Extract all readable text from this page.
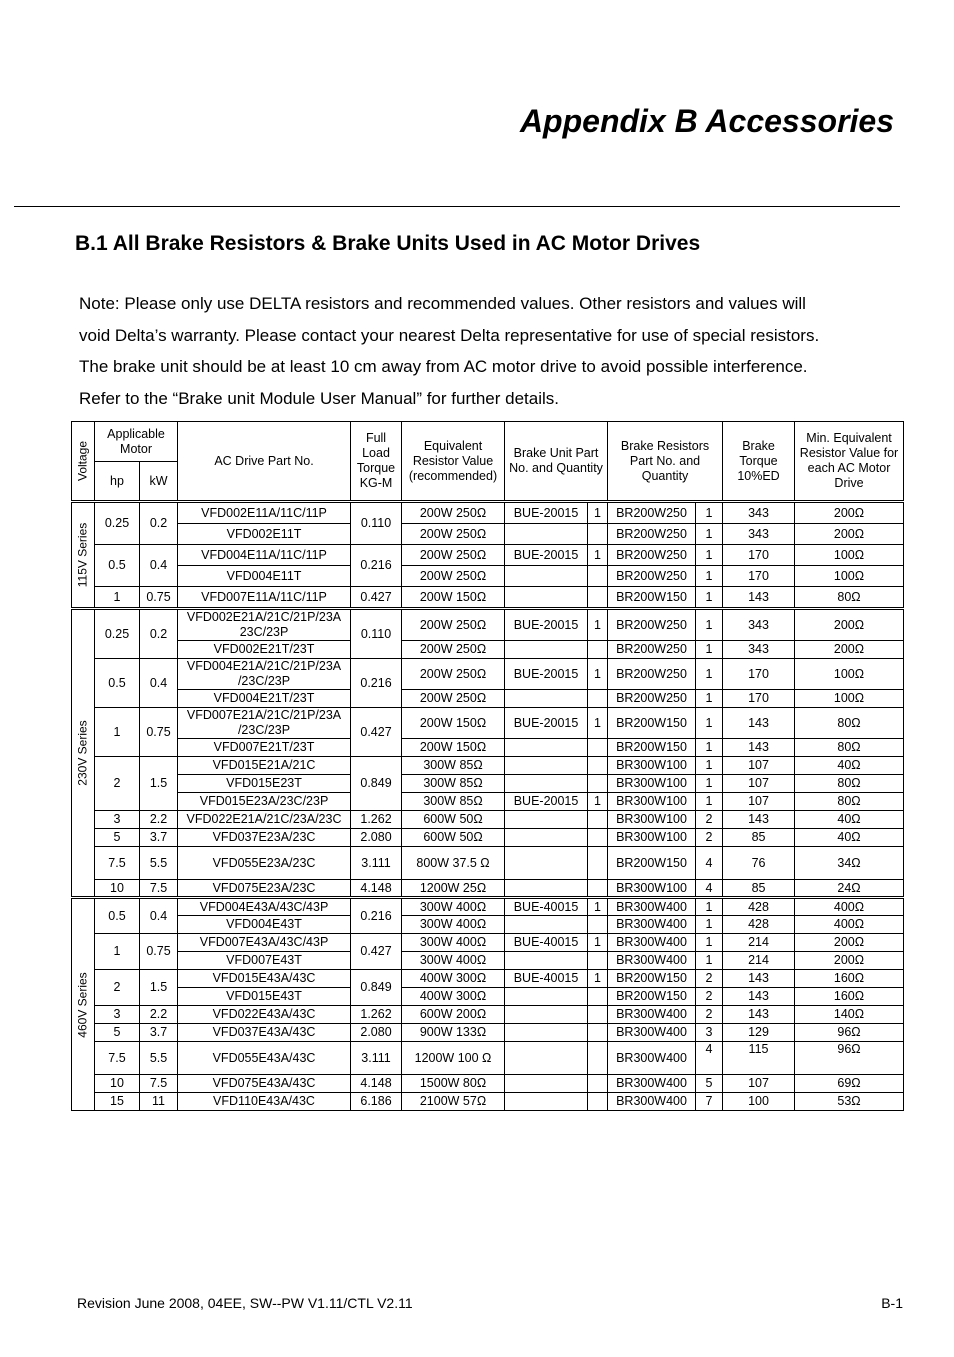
Appendix B Accessories
B.1 All Brake Resistors & Brake Units Used in AC Motor Drives

Note: Please only use DELTA resistors and recommended values. Other resistors and values will

void Delta’s warranty. Please contact your nearest Delta representative for use of special resistors.

The brake unit should be at least 10 cm away from AC motor drive to avoid possible interference.

Refer to the “Brake unit Module User Manual” for further details.

Voltage	Applicable Motor		AC Drive Part No.	Full Load Torque KG-M	Equivalent Resistor Value (recommended)	Brake Unit Part No. and Quantity		Brake Resistors Part No. and Quantity		Brake Torque 10%ED	Min. Equivalent Resistor Value for each AC Motor Drive
	hp	kW									

115V Series	0.25	0.2	VFD002E11A/11C/11P	0.110	200W 250Ω	BUE-20015	1	BR200W250	1	343	200Ω
			VFD002E11T		200W 250Ω			BR200W250	1	343	200Ω
	0.5	0.4	VFD004E11A/11C/11P	0.216	200W 250Ω	BUE-20015	1	BR200W250	1	170	100Ω
			VFD004E11T		200W 250Ω			BR200W250	1	170	100Ω
	1	0.75	VFD007E11A/11C/11P	0.427	200W 150Ω			BR200W150	1	143	80Ω

230V Series	0.25	0.2	VFD002E21A/21C/21P/23A 23C/23P	0.110	200W 250Ω	BUE-20015	1	BR200W250	1	343	200Ω
			VFD002E21T/23T		200W 250Ω			BR200W250	1	343	200Ω
	0.5	0.4	VFD004E21A/21C/21P/23A /23C/23P	0.216	200W 250Ω	BUE-20015	1	BR200W250	1	170	100Ω
			VFD004E21T/23T		200W 250Ω			BR200W250	1	170	100Ω
	1	0.75	VFD007E21A/21C/21P/23A /23C/23P	0.427	200W 150Ω	BUE-20015	1	BR200W150	1	143	80Ω
			VFD007E21T/23T		200W 150Ω			BR200W150	1	143	80Ω
	2	1.5	VFD015E21A/21C	0.849	300W 85Ω			BR300W100	1	107	40Ω
			VFD015E23T		300W 85Ω			BR300W100	1	107	80Ω
			VFD015E23A/23C/23P		300W 85Ω	BUE-20015	1	BR300W100	1	107	80Ω
	3	2.2	VFD022E21A/21C/23A/23C	1.262	600W 50Ω			BR300W100	2	143	40Ω
	5	3.7	VFD037E23A/23C	2.080	600W 50Ω			BR300W100	2	85	40Ω
	7.5	5.5	VFD055E23A/23C	3.111	800W 37.5 Ω			BR200W150	4	76	34Ω
	10	7.5	VFD075E23A/23C	4.148	1200W 25Ω			BR300W100	4	85	24Ω

460V Series	0.5	0.4	VFD004E43A/43C/43P	0.216	300W 400Ω	BUE-40015	1	BR300W400	1	428	400Ω
			VFD004E43T		300W 400Ω			BR300W400	1	428	400Ω
	1	0.75	VFD007E43A/43C/43P	0.427	300W 400Ω	BUE-40015	1	BR300W400	1	214	200Ω
			VFD007E43T		300W 400Ω			BR300W400	1	214	200Ω
	2	1.5	VFD015E43A/43C	0.849	400W 300Ω	BUE-40015	1	BR200W150	2	143	160Ω
			VFD015E43T		400W 300Ω			BR200W150	2	143	160Ω
	3	2.2	VFD022E43A/43C	1.262	600W 200Ω			BR300W400	2	143	140Ω
	5	3.7	VFD037E43A/43C	2.080	900W 133Ω			BR300W400	3	129	96Ω
	7.5	5.5	VFD055E43A/43C	3.111	1200W 100 Ω			BR300W400	4	115	96Ω
	10	7.5	VFD075E43A/43C	4.148	1500W 80Ω			BR300W400	5	107	69Ω
	15	11	VFD110E43A/43C	6.186	2100W 57Ω			BR300W400	7	100	53Ω
Revision June 2008, 04EE, SW--PW V1.11/CTL V2.11	B-1
